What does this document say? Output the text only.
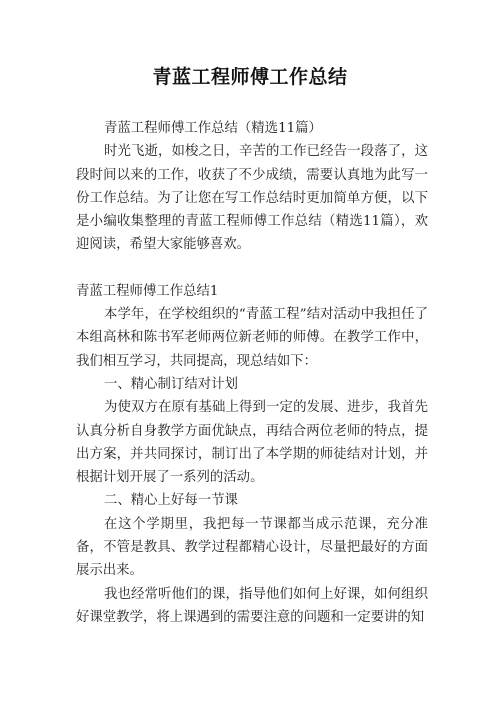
青蓝工程师傅工作总结

青蓝工程师傅工作总结（精选11篇）

时光飞逝，如梭之日，辛苦的工作已经告一段落了，这段时间以来的工作，收获了不少成绩，需要认真地为此写一份工作总结。为了让您在写工作总结时更加简单方便，以下是小编收集整理的青蓝工程师傅工作总结（精选11篇），欢迎阅读，希望大家能够喜欢。

青蓝工程师傅工作总结1

本学年，在学校组织的“青蓝工程”结对活动中我担任了本组高林和陈书军老师两位新老师的师傅。在教学工作中，我们相互学习，共同提高，现总结如下：

一、精心制订结对计划

为使双方在原有基础上得到一定的发展、进步，我首先认真分析自身教学方面优缺点，再结合两位老师的特点，提出方案，并共同探讨，制订出了本学期的师徒结对计划，并根据计划开展了一系列的活动。

二、精心上好每一节课

在这个学期里，我把每一节课都当成示范课，充分准备，不管是教具、教学过程都精心设计，尽量把最好的方面展示出来。

我也经常听他们的课，指导他们如何上好课，如何组织好课堂教学，将上课遇到的需要注意的问题和一定要讲的知
